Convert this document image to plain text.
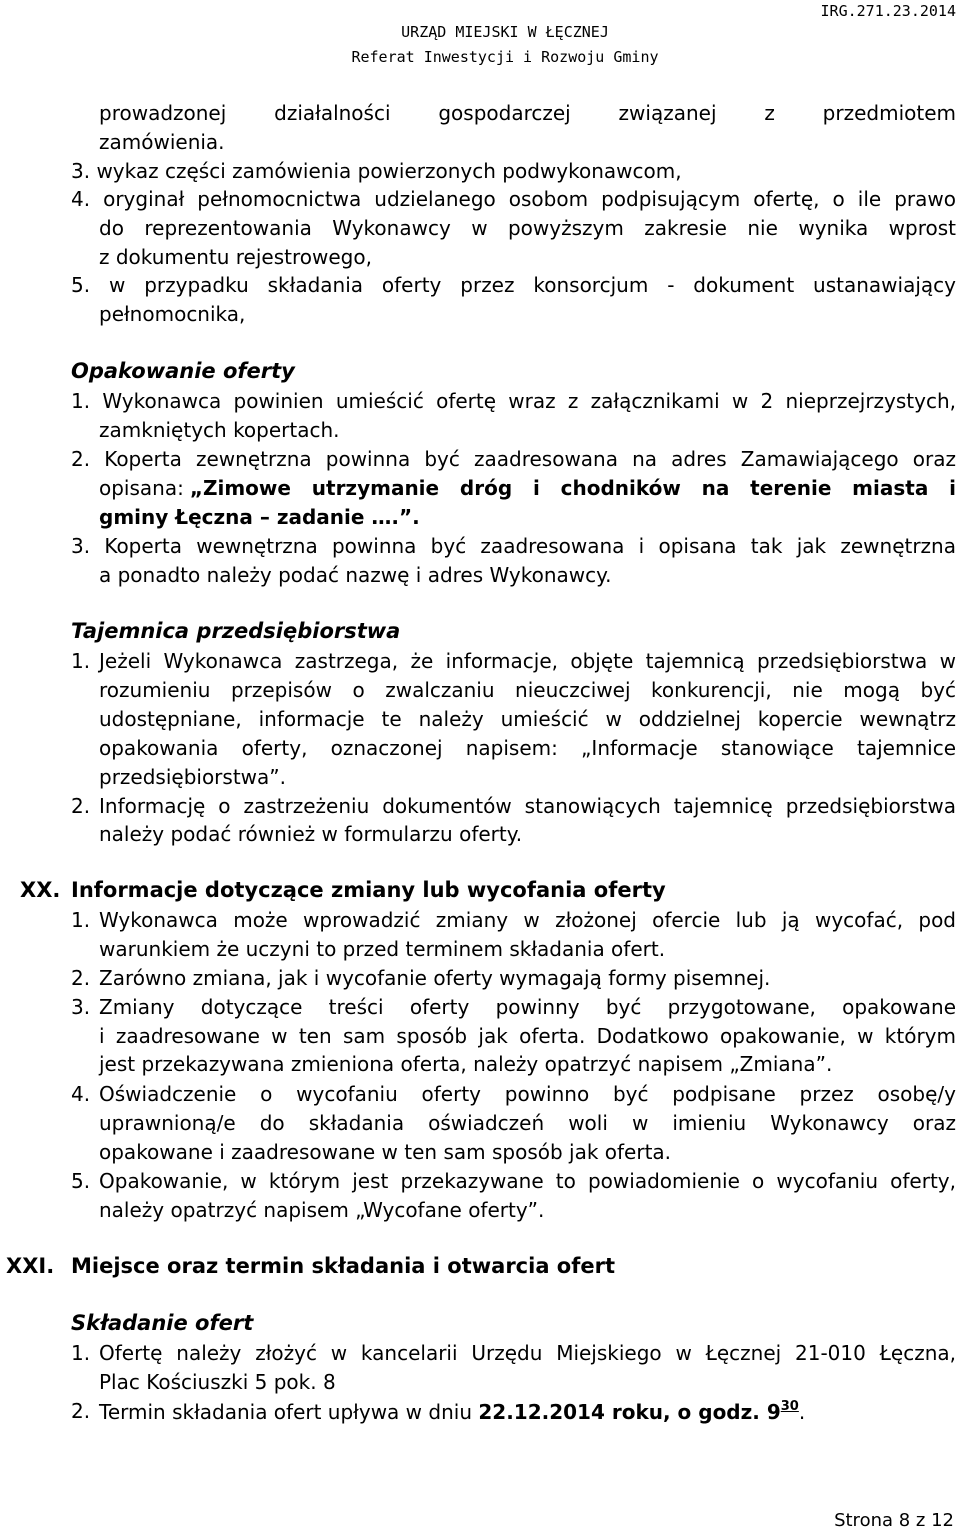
IRG.271.23.2014
URZĄD MIEJSKI W ŁĘCZNEJ
Referat Inwestycji i Rozwoju Gminy
prowadzonej działalności gospodarczej związanej z przedmiotem
zamówienia.
3. wykaz części zamówienia powierzonych podwykonawcom,
4. oryginał pełnomocnictwa udzielanego osobom podpisującym ofertę, o ile prawo
do reprezentowania Wykonawcy w powyższym zakresie nie wynika wprost
z dokumentu rejestrowego,
5. w przypadku składania oferty przez konsorcjum - dokument ustanawiający
pełnomocnika,
Opakowanie oferty
1. Wykonawca powinien umieścić ofertę wraz z załącznikami w 2 nieprzejrzystych,
zamkniętych kopertach.
2. Koperta zewnętrzna powinna być zaadresowana na adres Zamawiającego oraz
opisana: „Zimowe utrzymanie dróg i chodników na terenie miasta i
gminy Łęczna – zadanie ….”.
3. Koperta wewnętrzna powinna być zaadresowana i opisana tak jak zewnętrzna
a ponadto należy podać nazwę i adres Wykonawcy.
Tajemnica przedsiębiorstwa
1. Jeżeli Wykonawca zastrzega, że informacje, objęte tajemnicą przedsiębiorstwa w
rozumieniu przepisów o zwalczaniu nieuczciwej konkurencji, nie mogą być
udostępniane, informacje te należy umieścić w oddzielnej kopercie wewnątrz
opakowania oferty, oznaczonej napisem: „Informacje stanowiące tajemnice
przedsiębiorstwa”.
2. Informację o zastrzeżeniu dokumentów stanowiących tajemnicę przedsiębiorstwa
należy podać również w formularzu oferty.
XX. Informacje dotyczące zmiany lub wycofania oferty
1. Wykonawca może wprowadzić zmiany w złożonej ofercie lub ją wycofać, pod
warunkiem że uczyni to przed terminem składania ofert.
2. Zarówno zmiana, jak i wycofanie oferty wymagają formy pisemnej.
3. Zmiany dotyczące treści oferty powinny być przygotowane, opakowane
i zaadresowane w ten sam sposób jak oferta. Dodatkowo opakowanie, w którym
jest przekazywana zmieniona oferta, należy opatrzyć napisem „Zmiana”.
4. Oświadczenie o wycofaniu oferty powinno być podpisane przez osobę/y
uprawnioną/e do składania oświadczeń woli w imieniu Wykonawcy oraz
opakowane i zaadresowane w ten sam sposób jak oferta.
5. Opakowanie, w którym jest przekazywane to powiadomienie o wycofaniu oferty,
należy opatrzyć napisem „Wycofane oferty”.
XXI. Miejsce oraz termin składania i otwarcia ofert
Składanie ofert
1. Ofertę należy złożyć w kancelarii Urzędu Miejskiego w Łęcznej 21-010 Łęczna,
Plac Kościuszki 5 pok. 8
2. Termin składania ofert upływa w dniu 22.12.2014 roku, o godz. $9^{30}$.
Strona 8 z 12
